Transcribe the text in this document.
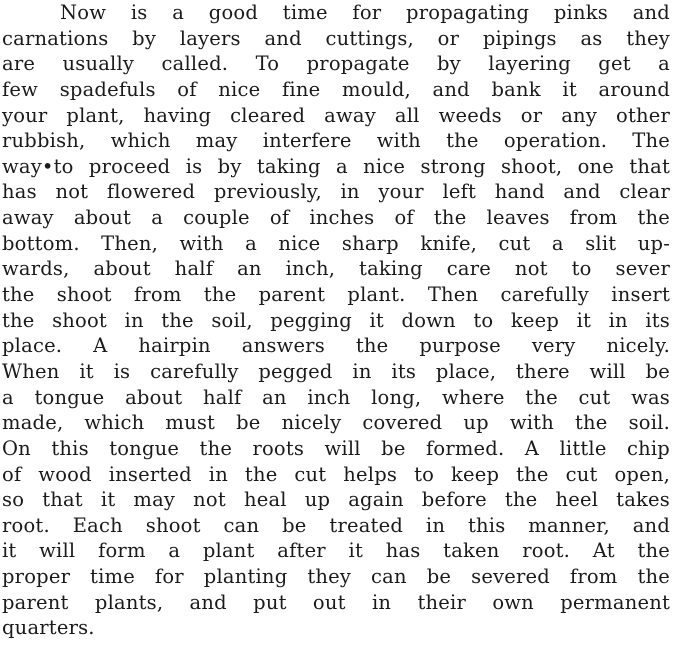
Now is a good time for propagating pinks and
carnations by layers and cuttings, or pipings as they
are usually called. To propagate by layering get a
few spadefuls of nice fine mould, and bank it around
your plant, having cleared away all weeds or any other
rubbish, which may interfere with the operation. The
way•to proceed is by taking a nice strong shoot, one that
has not flowered previously, in your left hand and clear
away about a couple of inches of the leaves from the
bottom. Then, with a nice sharp knife, cut a slit up-
wards, about half an inch, taking care not to sever
the shoot from the parent plant. Then carefully insert
the shoot in the soil, pegging it down to keep it in its
place. A hairpin answers the purpose very nicely.
When it is carefully pegged in its place, there will be
a tongue about half an inch long, where the cut was
made, which must be nicely covered up with the soil.
On this tongue the roots will be formed. A little chip
of wood inserted in the cut helps to keep the cut open,
so that it may not heal up again before the heel takes
root. Each shoot can be treated in this manner, and
it will form a plant after it has taken root. At the
proper time for planting they can be severed from the
parent plants, and put out in their own permanent
quarters.
